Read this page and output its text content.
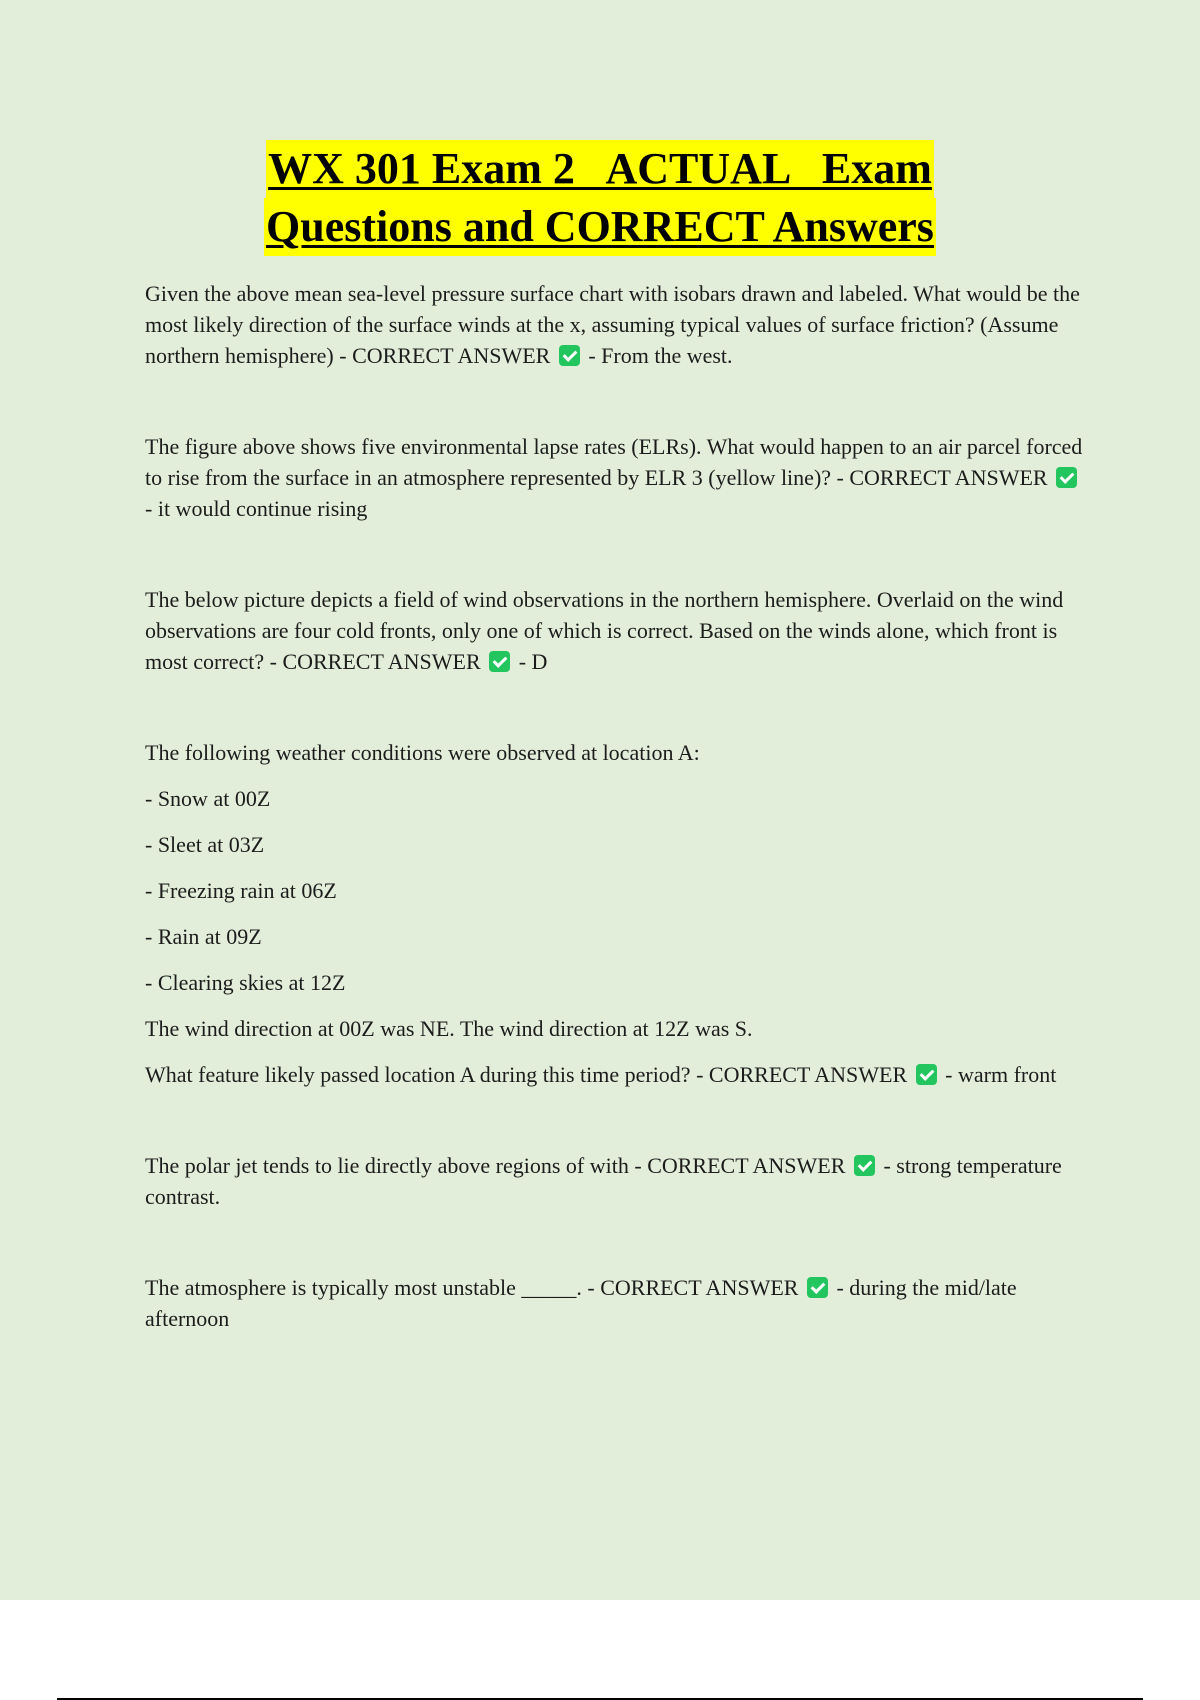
WX 301 Exam 2   ACTUAL   Exam
Questions and CORRECT Answers

Given the above mean sea-level pressure surface chart with isobars drawn and labeled. What would be the most likely direction of the surface winds at the x, assuming typical values of surface friction? (Assume northern hemisphere) - CORRECT ANSWER  - From the west.

The figure above shows five environmental lapse rates (ELRs). What would happen to an air parcel forced to rise from the surface in an atmosphere represented by ELR 3 (yellow line)? - CORRECT ANSWER  - it would continue rising

The below picture depicts a field of wind observations in the northern hemisphere. Overlaid on the wind observations are four cold fronts, only one of which is correct. Based on the winds alone, which front is most correct? - CORRECT ANSWER  - D

The following weather conditions were observed at location A:

- Snow at 00Z

- Sleet at 03Z

- Freezing rain at 06Z

- Rain at 09Z

- Clearing skies at 12Z

The wind direction at 00Z was NE. The wind direction at 12Z was S.

What feature likely passed location A during this time period? - CORRECT ANSWER  - warm front

The polar jet tends to lie directly above regions of with - CORRECT ANSWER  - strong temperature contrast.

The atmosphere is typically most unstable _____. - CORRECT ANSWER  - during the mid/late afternoon
